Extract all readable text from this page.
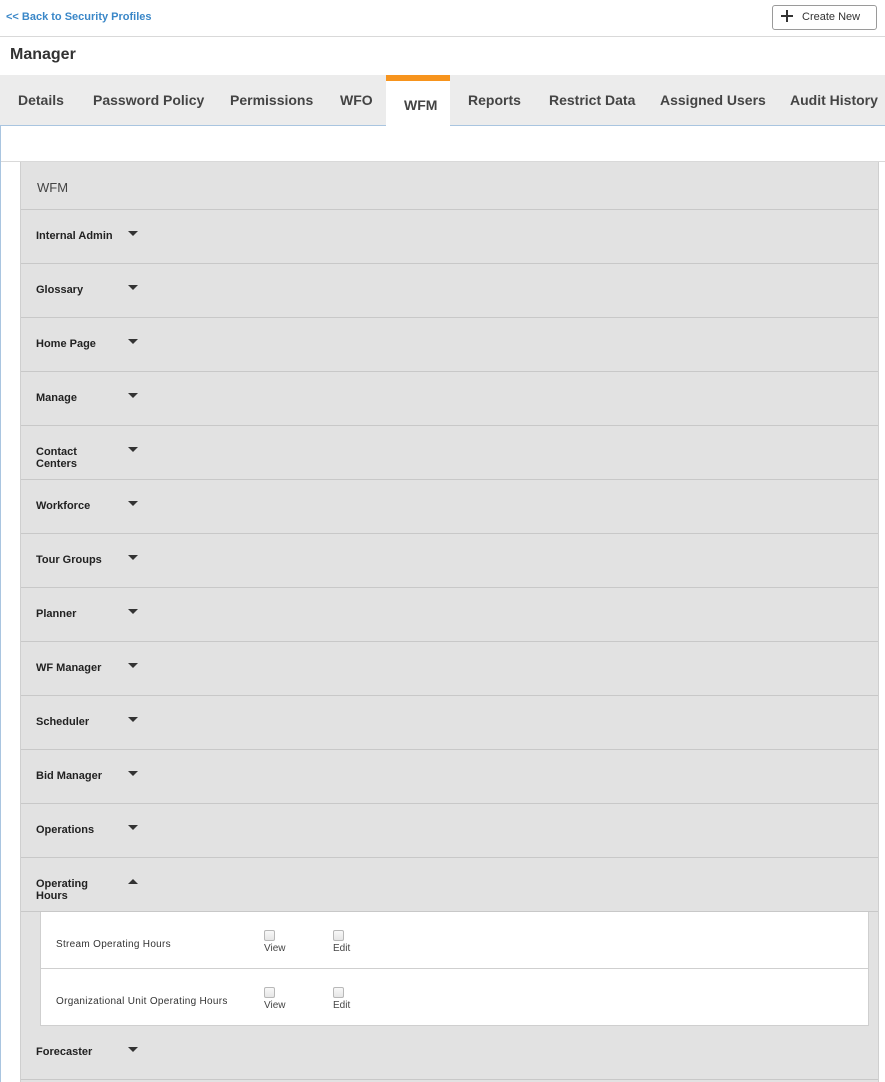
<< Back to Security Profiles	Create New
Manager
Details Password Policy Permissions WFO WFM Reports Restrict Data Assigned Users Audit History
WFM
Internal Admin
Glossary
Home Page
Manage
Contact Centers
Workforce
Tour Groups
Planner
WF Manager
Scheduler
Bid Manager
Operations
Operating Hours
Forecaster
Stream Operating Hours	View	Edit
Organizational Unit Operating Hours	View	Edit
